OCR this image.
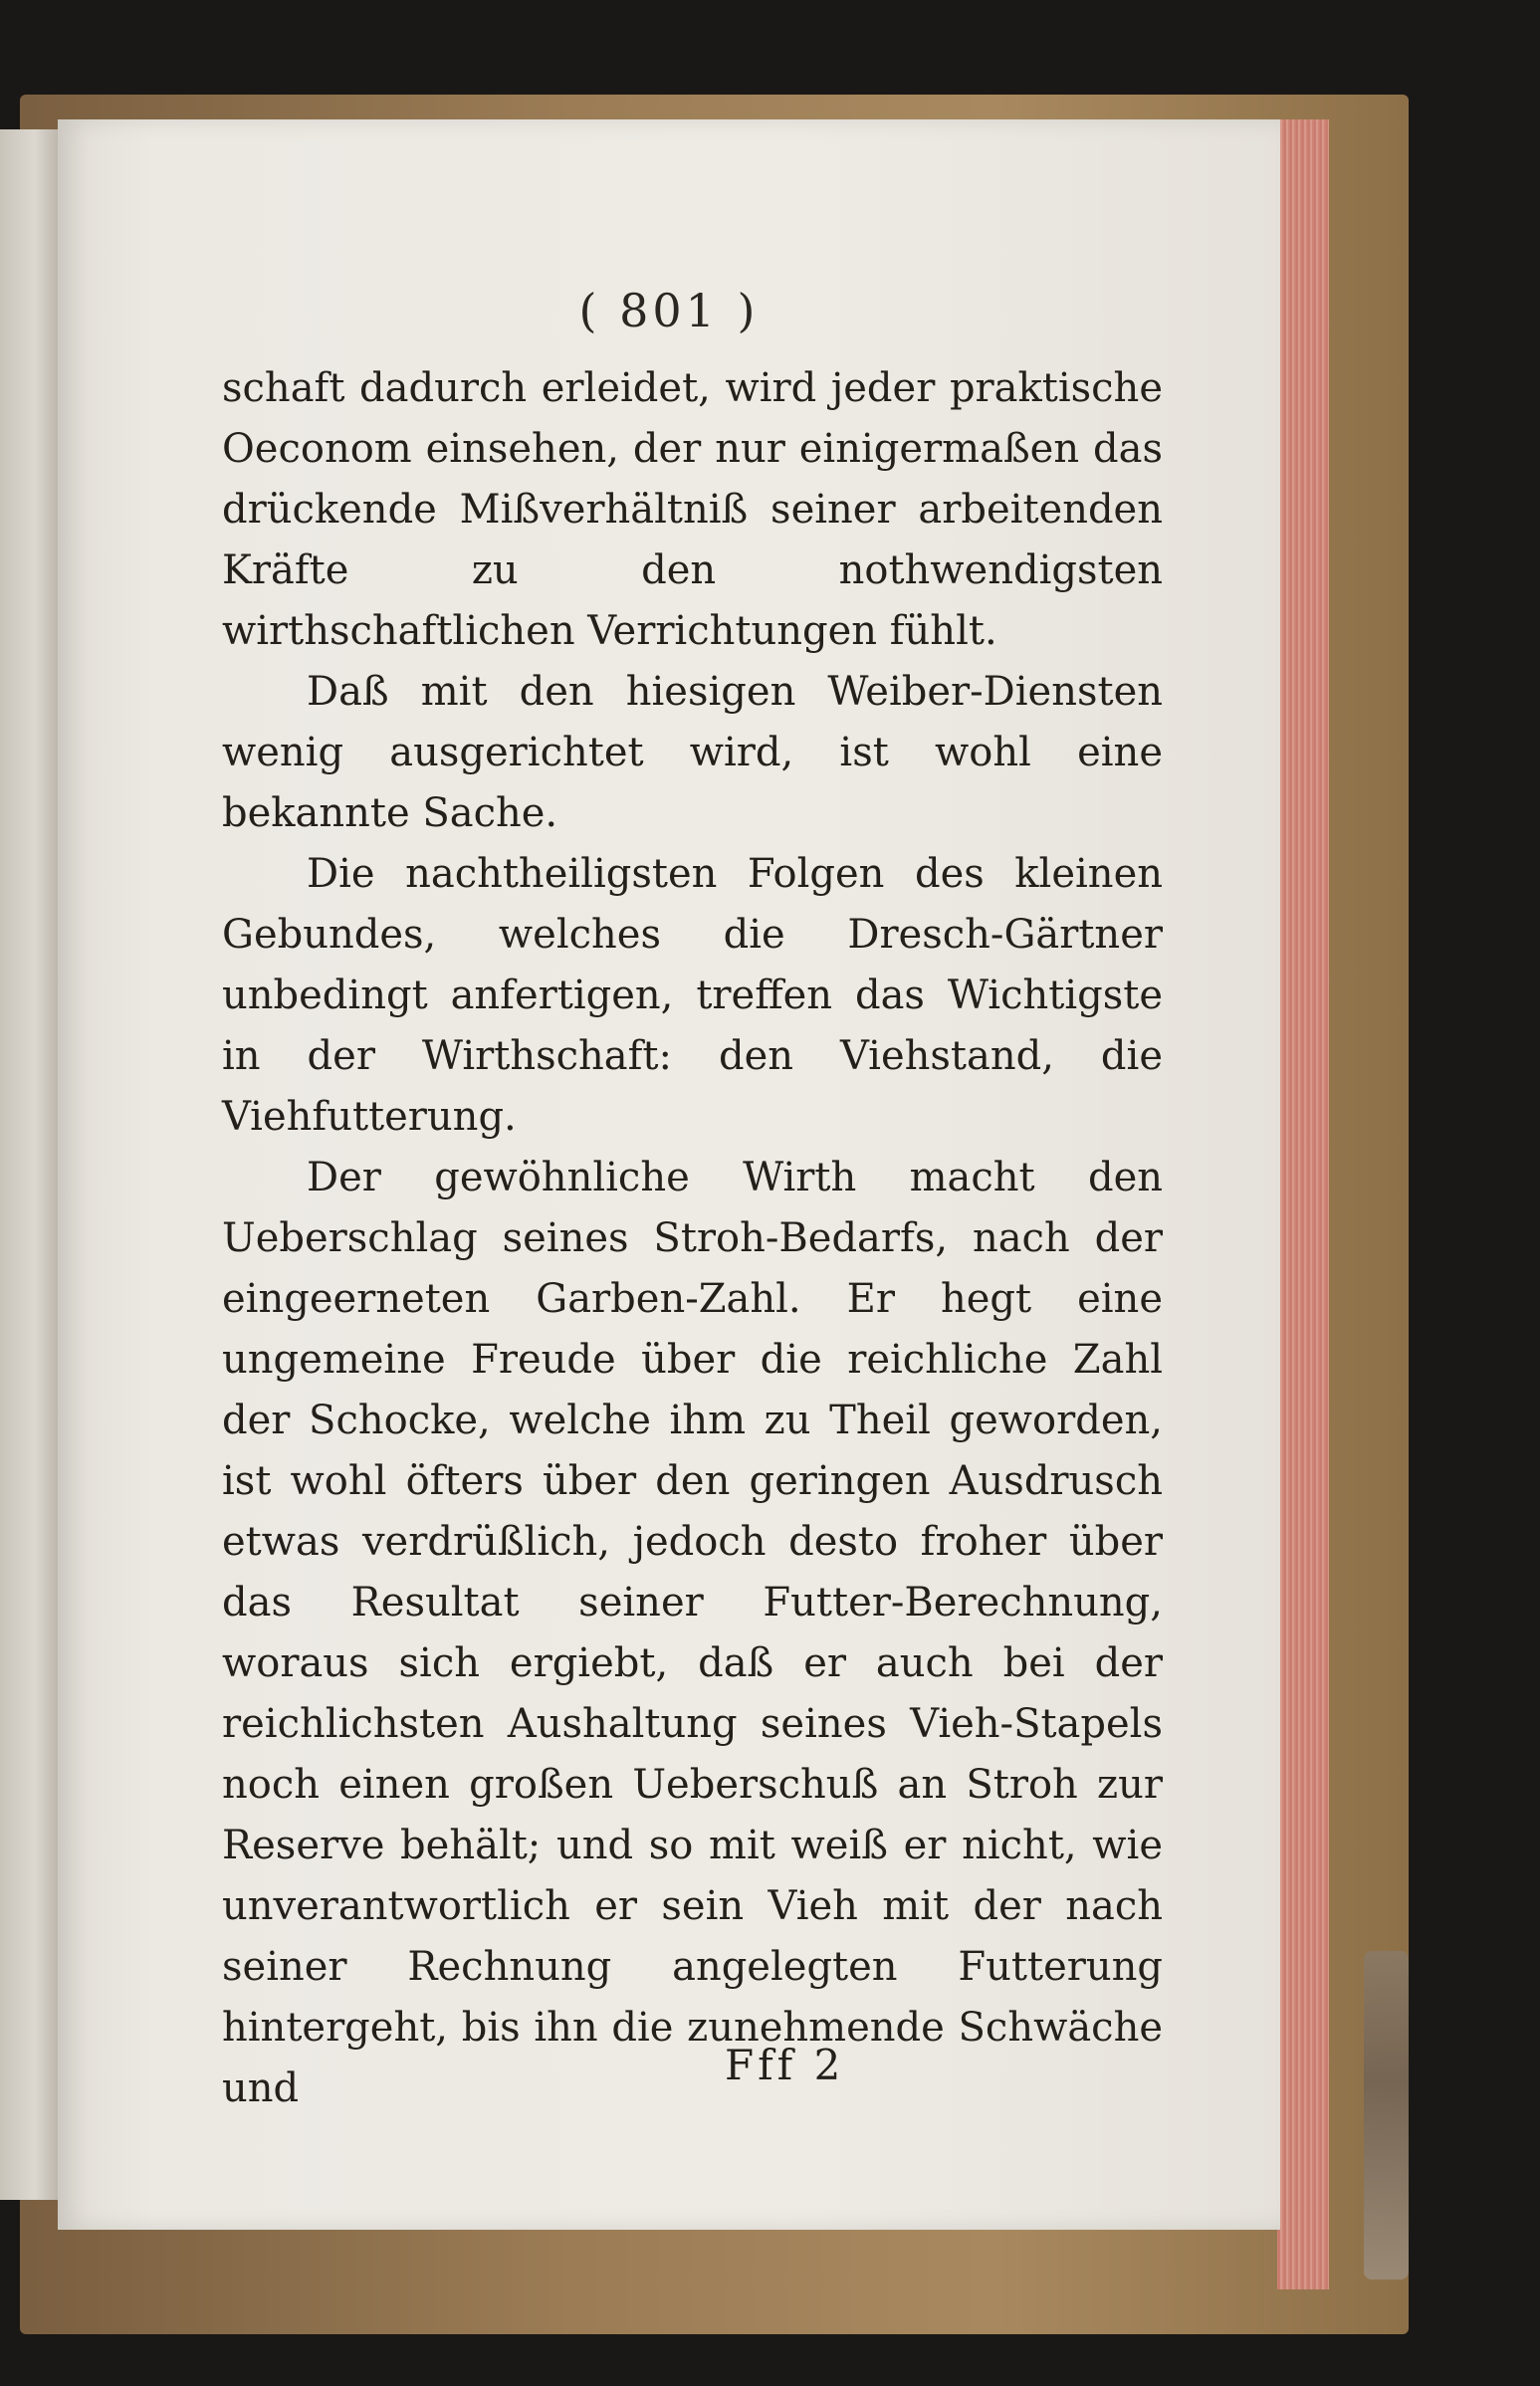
( 801 )

schaft dadurch erleidet, wird jeder praktische Oeconom einsehen, der nur einigermaßen das drückende Mißverhältniß seiner arbeitenden Kräfte zu den nothwendigsten wirthschaftlichen Verrichtungen fühlt.

Daß mit den hiesigen Weiber-Diensten wenig ausgerichtet wird, ist wohl eine bekannte Sache.

Die nachtheiligsten Folgen des kleinen Gebundes, welches die Dresch-Gärtner unbedingt anfertigen, treffen das Wichtigste in der Wirthschaft: den Viehstand, die Viehfutterung.

Der gewöhnliche Wirth macht den Ueberschlag seines Stroh-Bedarfs, nach der eingeerneten Garben-Zahl. Er hegt eine ungemeine Freude über die reichliche Zahl der Schocke, welche ihm zu Theil geworden, ist wohl öfters über den geringen Ausdrusch etwas verdrüßlich, jedoch desto froher über das Resultat seiner Futter-Berechnung, woraus sich ergiebt, daß er auch bei der reichlichsten Aushaltung seines Vieh-Stapels noch einen großen Ueberschuß an Stroh zur Reserve behält; und so mit weiß er nicht, wie unverantwortlich er sein Vieh mit der nach seiner Rechnung angelegten Futterung hintergeht, bis ihn die zunehmende Schwäche und	Fff 2
